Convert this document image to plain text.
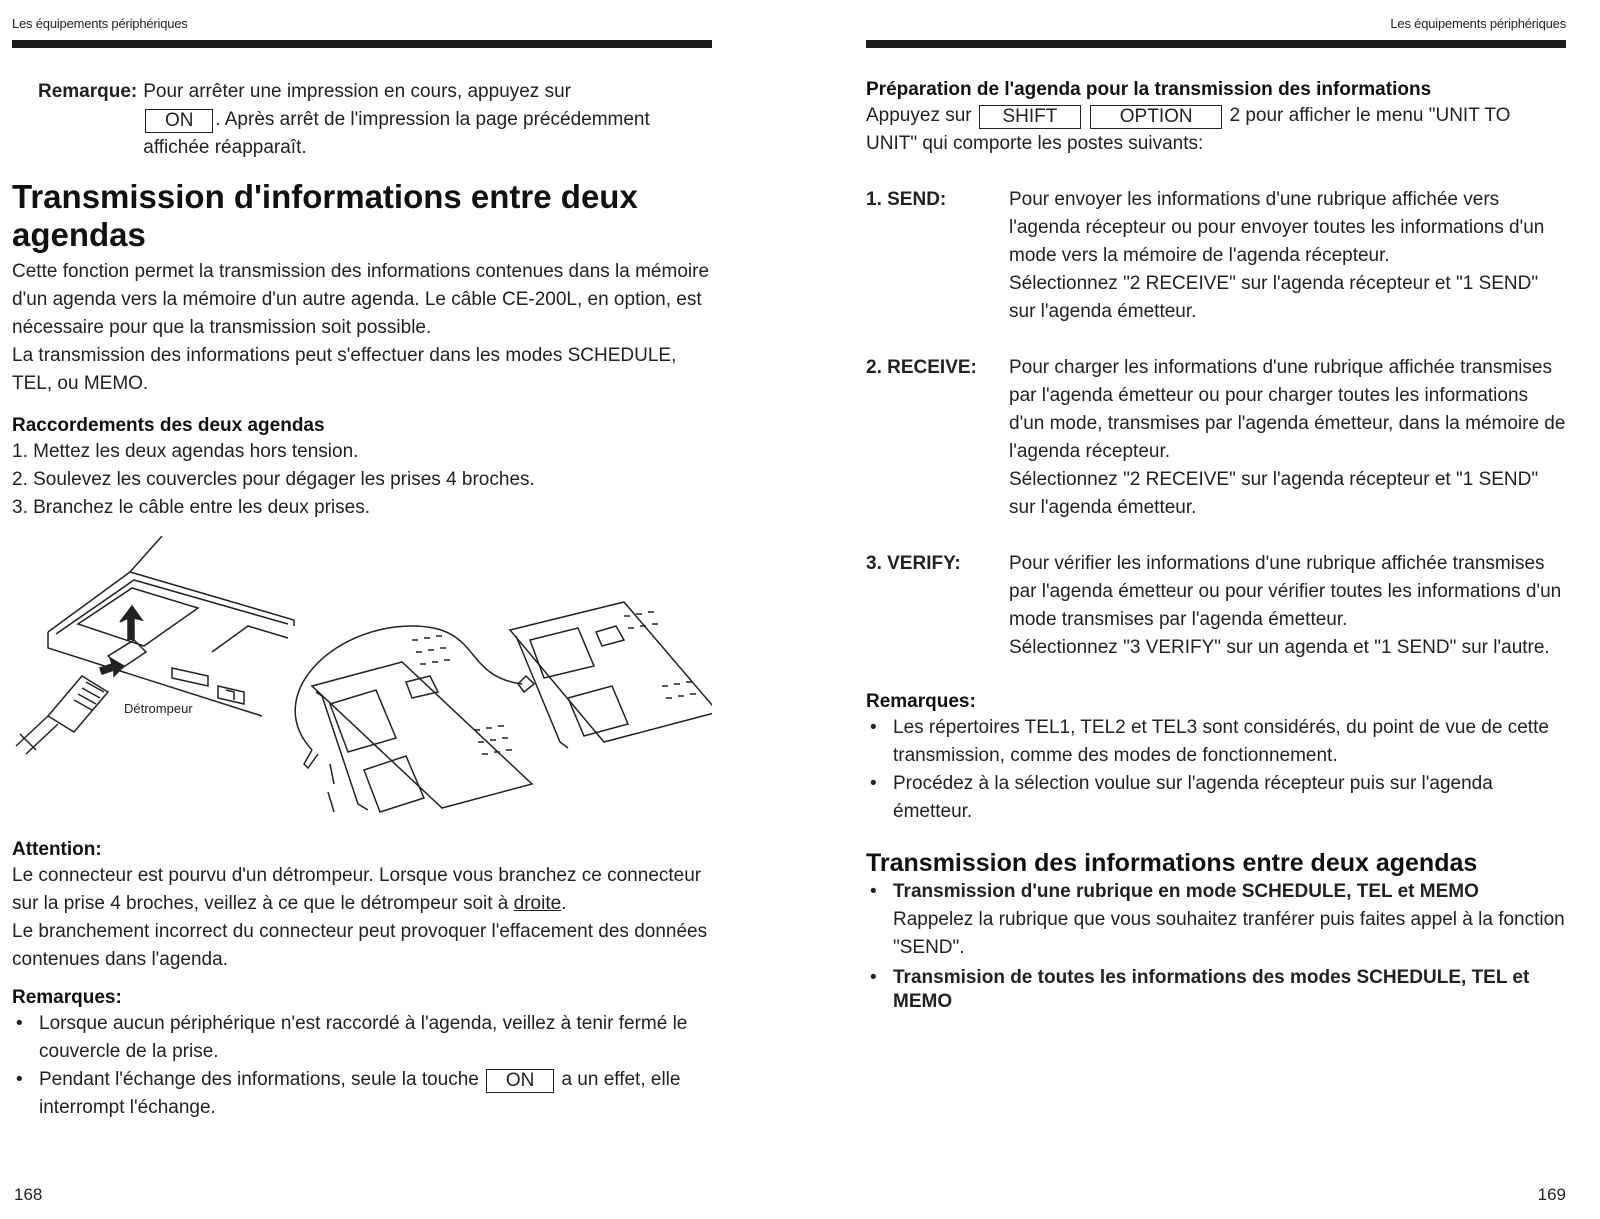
Les équipements périphériques
Remarque: Pour arrêter une impression en cours, appuyez sur
ON . Après arrêt de l'impression la page précédemment affichée réapparaît.
Transmission d'informations entre deux agendas

Cette fonction permet la transmission des informations contenues dans la mémoire d'un agenda vers la mémoire d'un autre agenda. Le câble CE-200L, en option, est nécessaire pour que la transmission soit possible.

La transmission des informations peut s'effectuer dans les modes SCHEDULE, TEL, ou MEMO.

Raccordements des deux agendas
1. Mettez les deux agendas hors tension.
2. Soulevez les couvercles pour dégager les prises 4 broches.
3. Branchez le câble entre les deux prises.
Détrompeur
Attention:

Le connecteur est pourvu d'un détrompeur. Lorsque vous branchez ce connecteur sur la prise 4 broches, veillez à ce que le détrompeur soit à droite.

Le branchement incorrect du connecteur peut provoquer l'effacement des données contenues dans l'agenda.

Remarques:
• Lorsque aucun périphérique n'est raccordé à l'agenda, veillez à tenir fermé le couvercle de la prise.
• Pendant l'échange des informations, seule la touche ON a un effet, elle interrompt l'échange.
168
Les équipements périphériques
Préparation de l'agenda pour la transmission des informations

Appuyez sur SHIFT	OPTION 2 pour afficher le menu "UNIT TO UNIT" qui comporte les postes suivants:

1. SEND:	Pour envoyer les informations d'une rubrique affichée vers l'agenda récepteur ou pour envoyer toutes les informations d'un mode vers la mémoire de l'agenda récepteur.

Sélectionnez "2 RECEIVE" sur l'agenda récepteur et "1 SEND" sur l'agenda émetteur.

2. RECEIVE:	Pour charger les informations d'une rubrique affichée transmises par l'agenda émetteur ou pour charger toutes les informations d'un mode, transmises par l'agenda émetteur, dans la mémoire de l'agenda récepteur.

Sélectionnez "2 RECEIVE" sur l'agenda récepteur et "1 SEND" sur l'agenda émetteur.

3. VERIFY:	Pour vérifier les informations d'une rubrique affichée transmises par l'agenda émetteur ou pour vérifier toutes les informations d'un mode transmises par l'agenda émetteur.

Sélectionnez "3 VERIFY" sur un agenda et "1 SEND" sur l'autre.

Remarques:
• Les répertoires TEL1, TEL2 et TEL3 sont considérés, du point de vue de cette transmission, comme des modes de fonctionnement.
• Procédez à la sélection voulue sur l'agenda récepteur puis sur l'agenda émetteur.
Transmission des informations entre deux agendas
• Transmission d'une rubrique en mode SCHEDULE, TEL et MEMO
Rappelez la rubrique que vous souhaitez tranférer puis faites appel à la fonction "SEND".
• Transmision de toutes les informations des modes SCHEDULE, TEL et MEMO
169
